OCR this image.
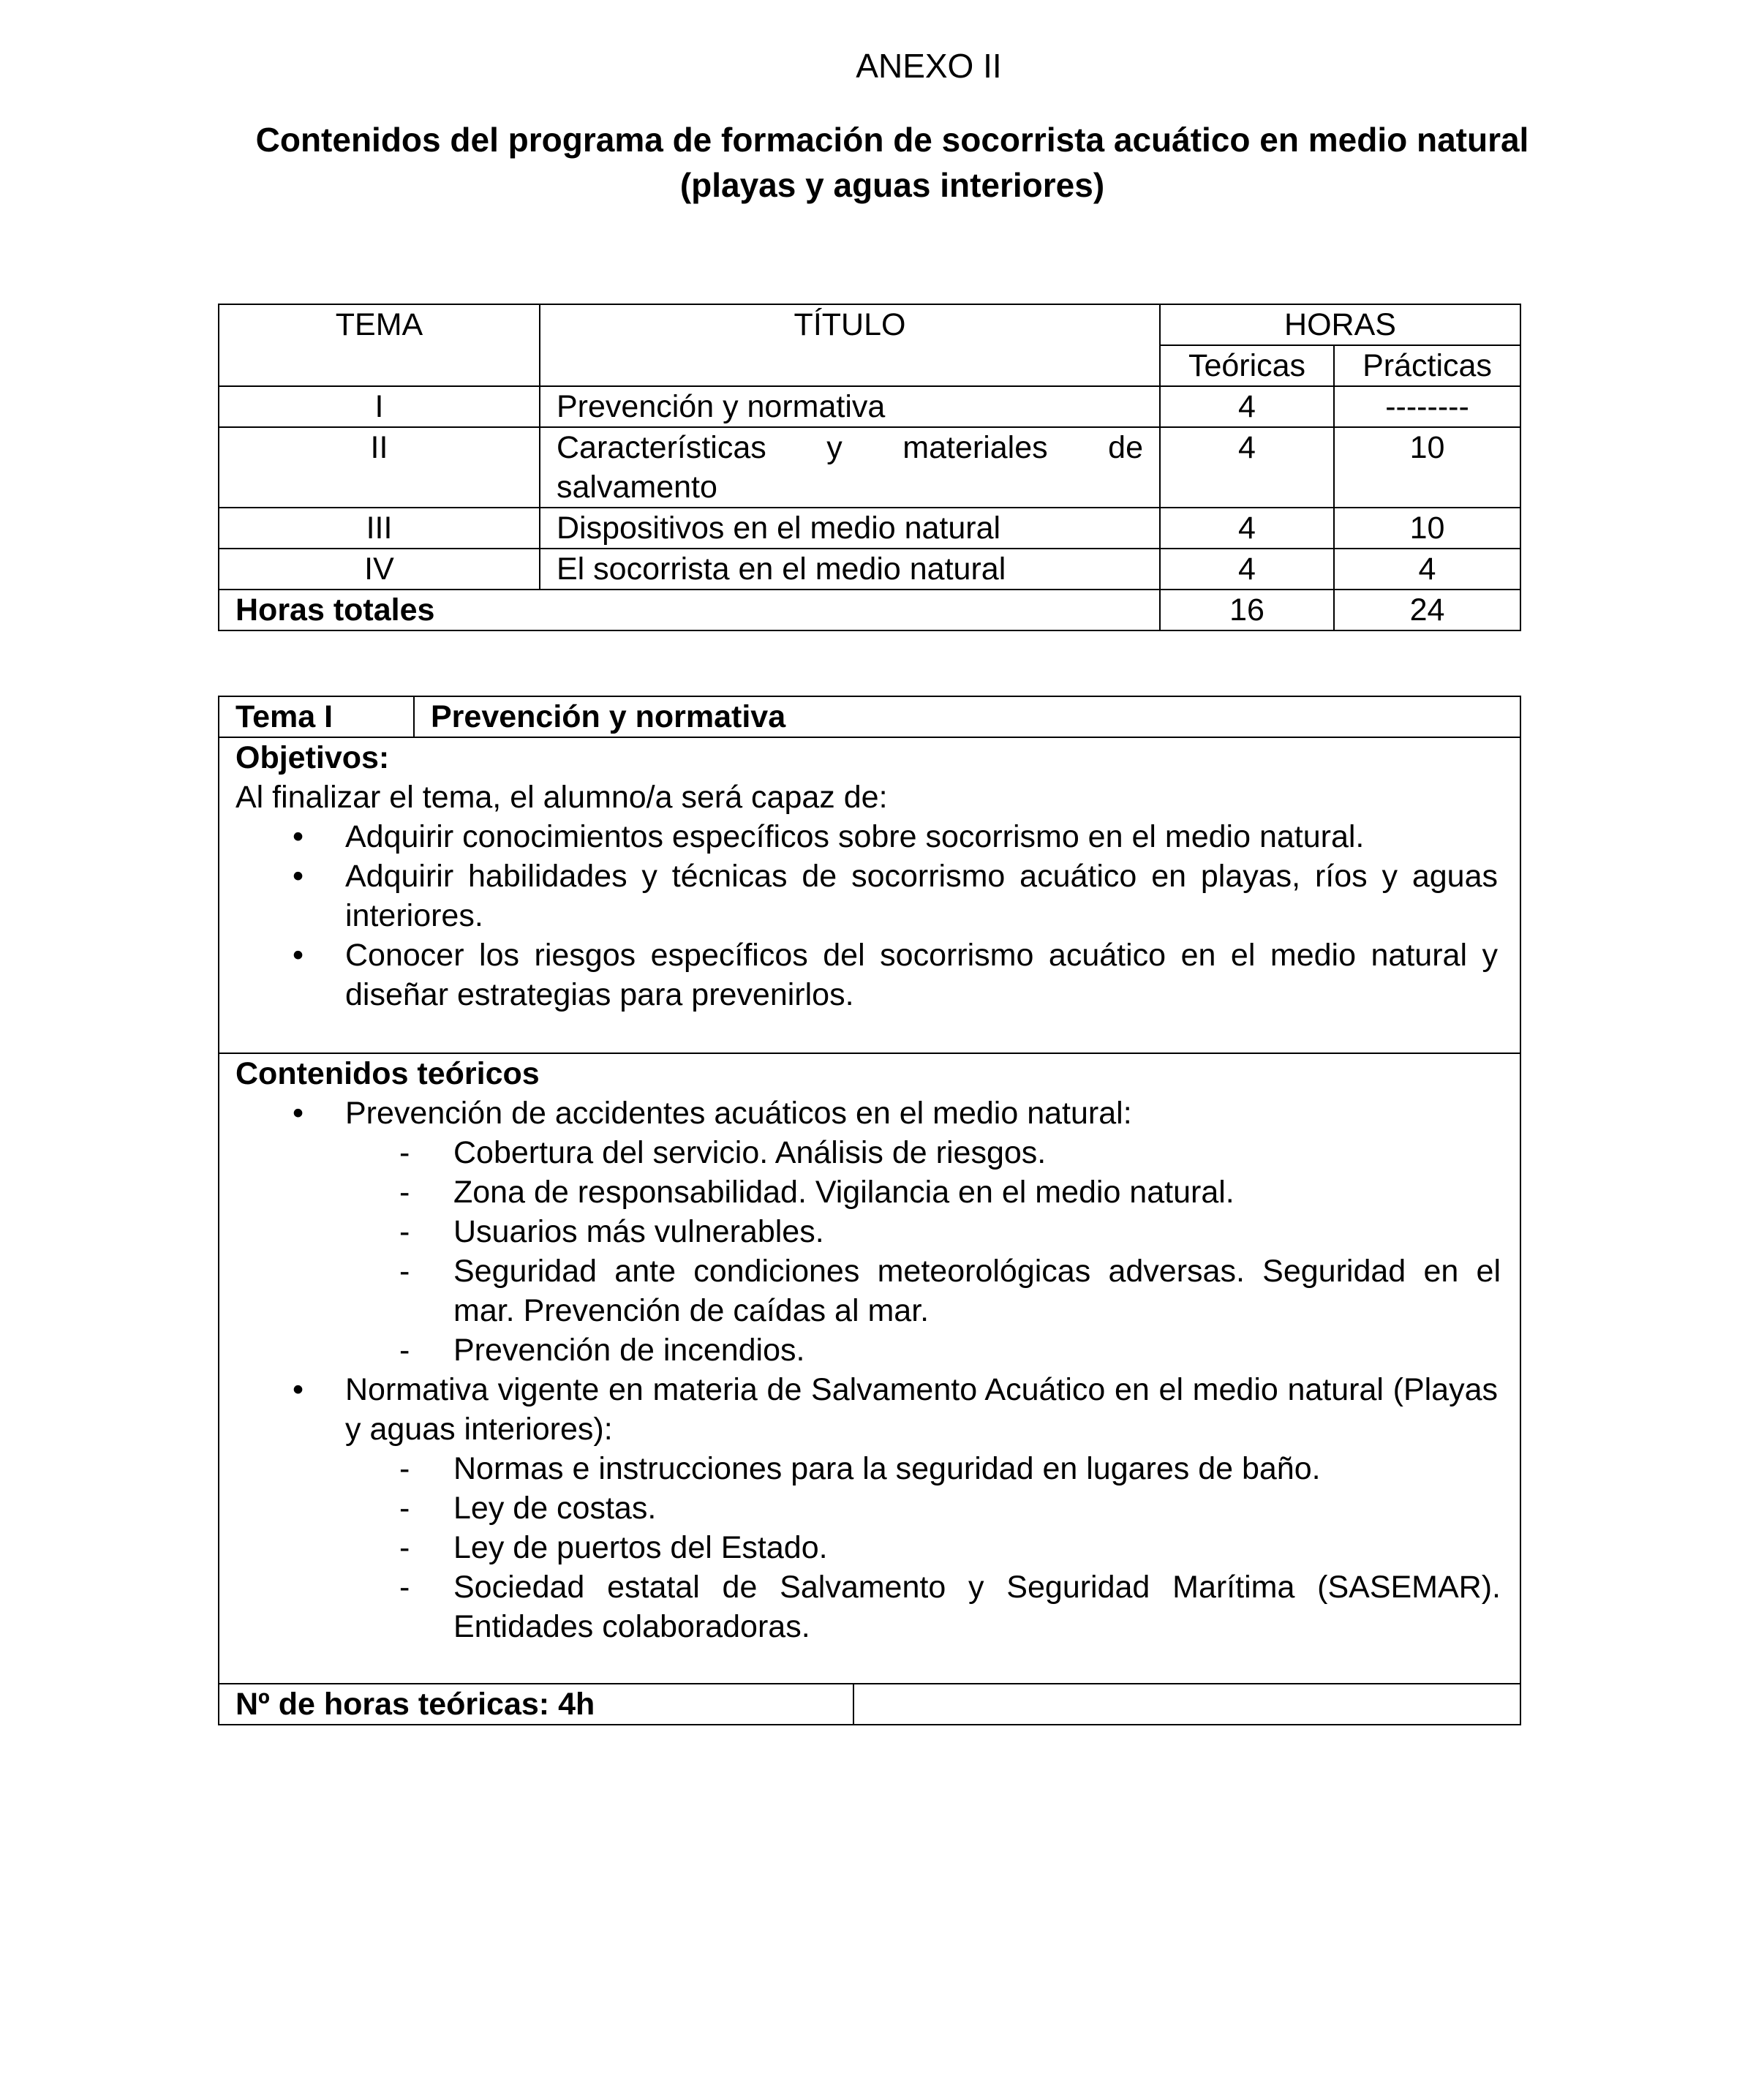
ANEXO II
Contenidos del programa de formación de socorrista acuático en medio natural (playas y aguas interiores)
TEMA	TÍTULO	HORAS	
		Teóricas	Prácticas
I	Prevención y normativa	4	--------
II	Características y materiales de salvamento	4	10
III	Dispositivos en el medio natural	4	10
IV	El socorrista en el medio natural	4	4
Horas totales		16	24
Tema I	Prevención y normativa	

Objetivos:
Al finalizar el tema, el alumno/a será capaz de:
• Adquirir conocimientos específicos sobre socorrismo en el medio natural.
• Adquirir habilidades y técnicas de socorrismo acuático en playas, ríos y aguas interiores.
• Conocer los riesgos específicos del socorrismo acuático en el medio natural y diseñar estrategias para prevenirlos.

Contenidos teóricos
• Prevención de accidentes acuáticos en el medio natural:
- Cobertura del servicio. Análisis de riesgos.
- Zona de responsabilidad. Vigilancia en el medio natural.
- Usuarios más vulnerables.
- Seguridad ante condiciones meteorológicas adversas. Seguridad en el mar. Prevención de caídas al mar.
- Prevención de incendios.
• Normativa vigente en materia de Salvamento Acuático en el medio natural (Playas y aguas interiores):
- Normas e instrucciones para la seguridad en lugares de baño.
- Ley de costas.
- Ley de puertos del Estado.
- Sociedad estatal de Salvamento y Seguridad Marítima (SASEMAR). Entidades colaboradoras.

Nº de horas teóricas: 4h		
